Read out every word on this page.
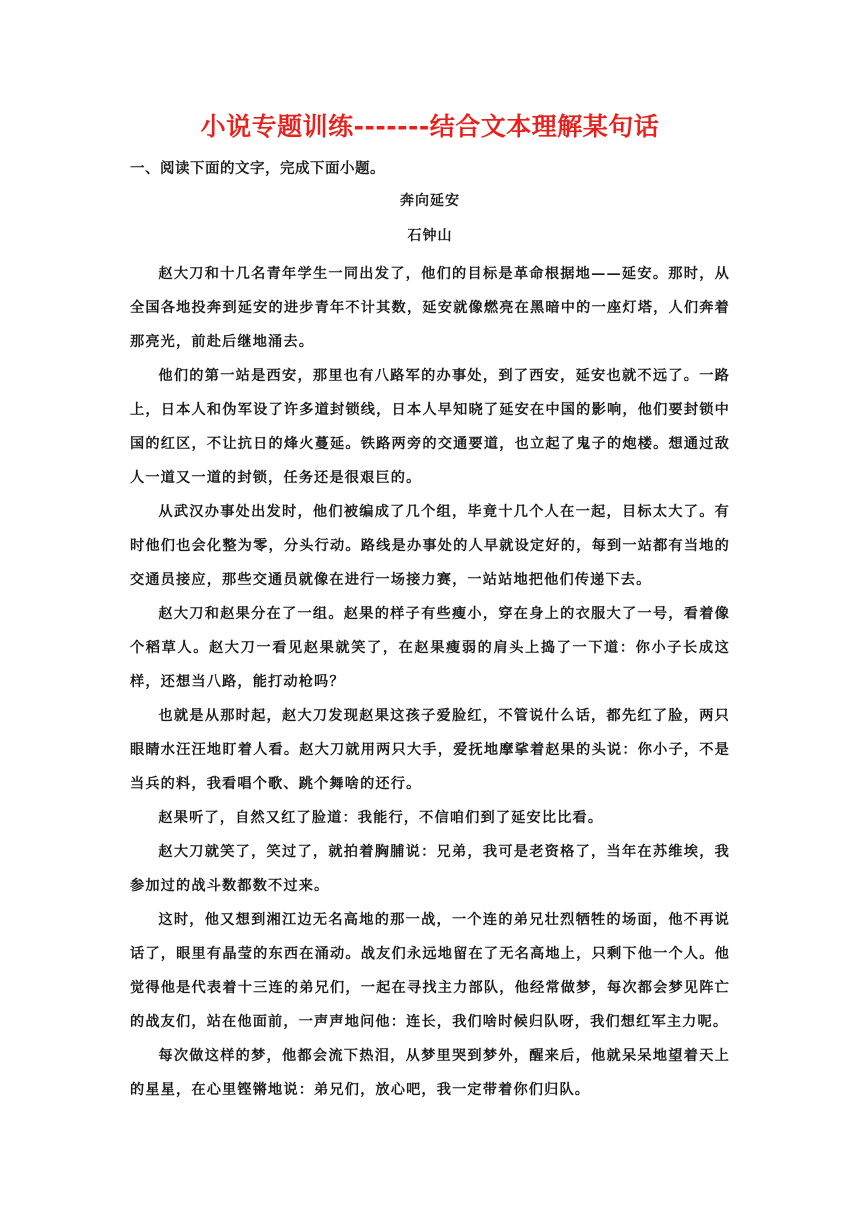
小说专题训练-------结合文本理解某句话
一、阅读下面的文字，完成下面小题。
奔向延安
石钟山

赵大刀和十几名青年学生一同出发了，他们的目标是革命根据地——延安。那时，从全国各地投奔到延安的进步青年不计其数，延安就像燃亮在黑暗中的一座灯塔，人们奔着那亮光，前赴后继地涌去。

他们的第一站是西安，那里也有八路军的办事处，到了西安，延安也就不远了。一路上，日本人和伪军设了许多道封锁线，日本人早知晓了延安在中国的影响，他们要封锁中国的红区，不让抗日的烽火蔓延。铁路两旁的交通要道，也立起了鬼子的炮楼。想通过敌人一道又一道的封锁，任务还是很艰巨的。

从武汉办事处出发时，他们被编成了几个组，毕竟十几个人在一起，目标太大了。有时他们也会化整为零，分头行动。路线是办事处的人早就设定好的，每到一站都有当地的交通员接应，那些交通员就像在进行一场接力赛，一站站地把他们传递下去。

赵大刀和赵果分在了一组。赵果的样子有些瘦小，穿在身上的衣服大了一号，看着像个稻草人。赵大刀一看见赵果就笑了，在赵果瘦弱的肩头上捣了一下道：你小子长成这样，还想当八路，能打动枪吗？

也就是从那时起，赵大刀发现赵果这孩子爱脸红，不管说什么话，都先红了脸，两只眼睛水汪汪地盯着人看。赵大刀就用两只大手，爱抚地摩挲着赵果的头说：你小子，不是当兵的料，我看唱个歌、跳个舞啥的还行。

赵果听了，自然又红了脸道：我能行，不信咱们到了延安比比看。

赵大刀就笑了，笑过了，就拍着胸脯说：兄弟，我可是老资格了，当年在苏维埃，我参加过的战斗数都数不过来。

这时，他又想到湘江边无名高地的那一战，一个连的弟兄壮烈牺牲的场面，他不再说话了，眼里有晶莹的东西在涌动。战友们永远地留在了无名高地上，只剩下他一个人。他觉得他是代表着十三连的弟兄们，一起在寻找主力部队，他经常做梦，每次都会梦见阵亡的战友们，站在他面前，一声声地问他：连长，我们啥时候归队呀，我们想红军主力呢。

每次做这样的梦，他都会流下热泪，从梦里哭到梦外，醒来后，他就呆呆地望着天上的星星，在心里铿锵地说：弟兄们，放心吧，我一定带着你们归队。
